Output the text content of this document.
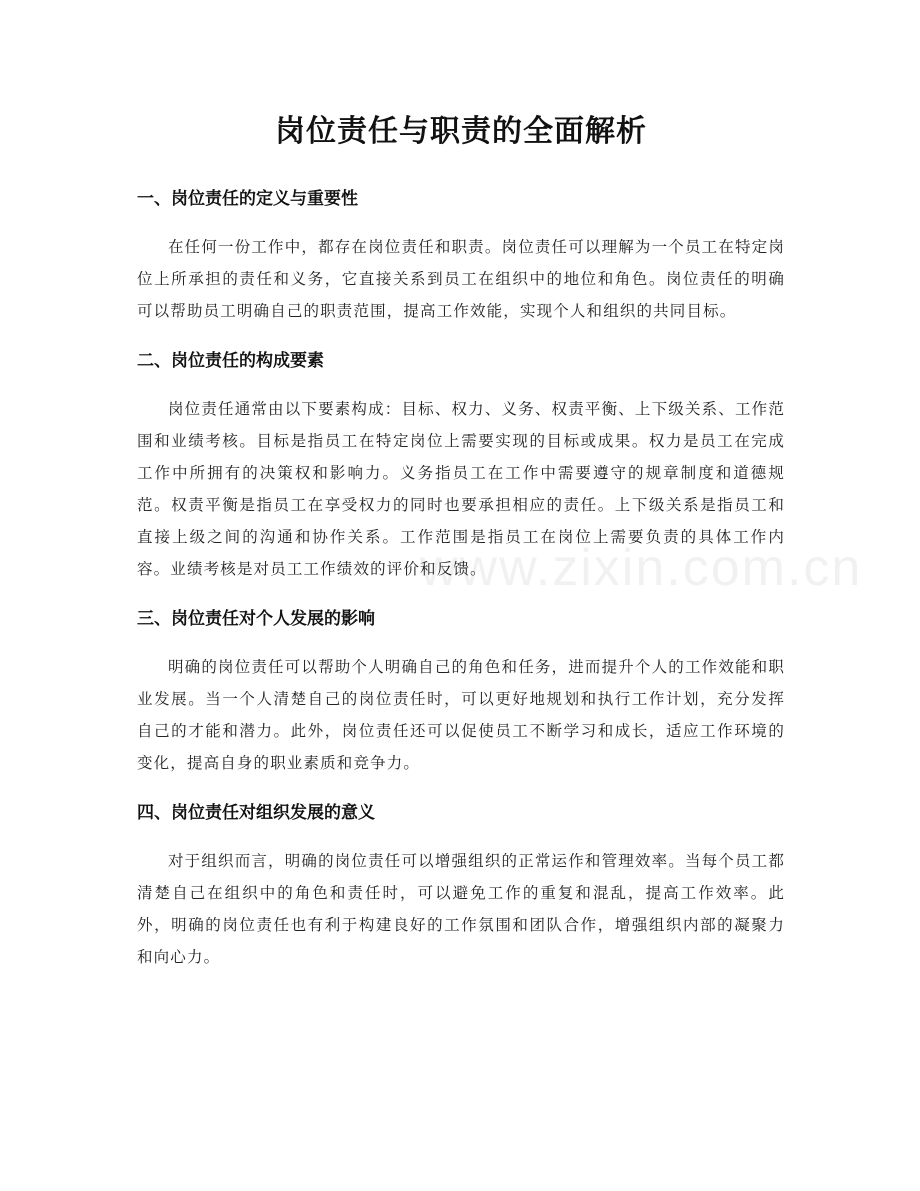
www.zixin.com.cn
岗位责任与职责的全面解析
一、岗位责任的定义与重要性

在任何一份工作中，都存在岗位责任和职责。岗位责任可以理解为一个员工在特定岗位上所承担的责任和义务，它直接关系到员工在组织中的地位和角色。岗位责任的明确可以帮助员工明确自己的职责范围，提高工作效能，实现个人和组织的共同目标。

二、岗位责任的构成要素

岗位责任通常由以下要素构成：目标、权力、义务、权责平衡、上下级关系、工作范围和业绩考核。目标是指员工在特定岗位上需要实现的目标或成果。权力是员工在完成工作中所拥有的决策权和影响力。义务指员工在工作中需要遵守的规章制度和道德规范。权责平衡是指员工在享受权力的同时也要承担相应的责任。上下级关系是指员工和直接上级之间的沟通和协作关系。工作范围是指员工在岗位上需要负责的具体工作内容。业绩考核是对员工工作绩效的评价和反馈。

三、岗位责任对个人发展的影响

明确的岗位责任可以帮助个人明确自己的角色和任务，进而提升个人的工作效能和职业发展。当一个人清楚自己的岗位责任时，可以更好地规划和执行工作计划，充分发挥自己的才能和潜力。此外，岗位责任还可以促使员工不断学习和成长，适应工作环境的变化，提高自身的职业素质和竞争力。

四、岗位责任对组织发展的意义

对于组织而言，明确的岗位责任可以增强组织的正常运作和管理效率。当每个员工都清楚自己在组织中的角色和责任时，可以避免工作的重复和混乱，提高工作效率。此外，明确的岗位责任也有利于构建良好的工作氛围和团队合作，增强组织内部的凝聚力和向心力。
